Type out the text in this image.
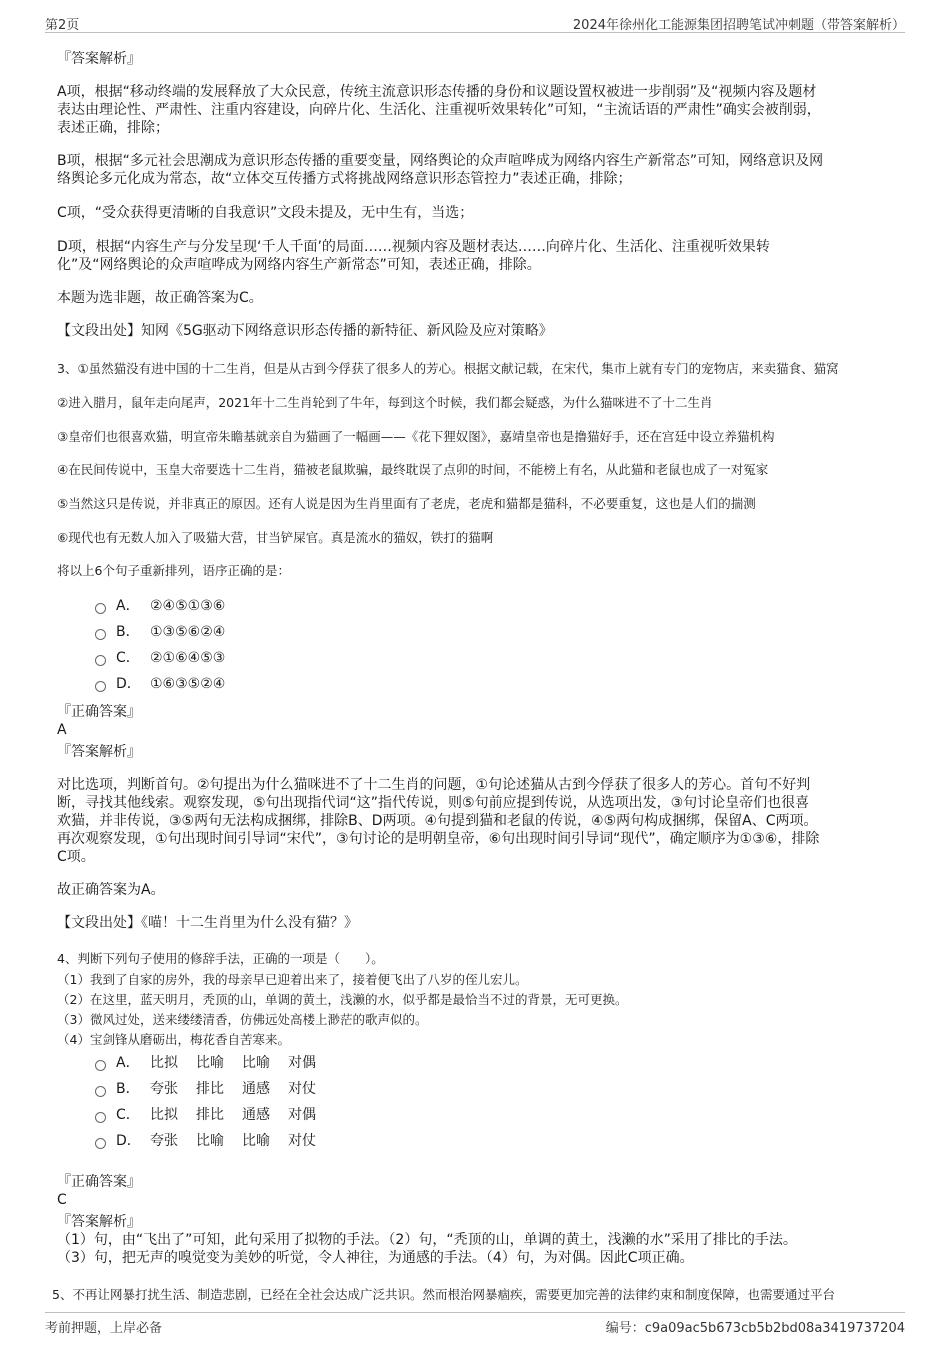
第2页	2024年徐州化工能源集团招聘笔试冲刺题（带答案解析）

『答案解析』

A项，根据“移动终端的发展释放了大众民意，传统主流意识形态传播的身份和议题设置权被进一步削弱”及“视频内容及题材

表达由理论性、严肃性、注重内容建设，向碎片化、生活化、注重视听效果转化”可知，“主流话语的严肃性”确实会被削弱，

表述正确，排除；

B项，根据“多元社会思潮成为意识形态传播的重要变量，网络舆论的众声喧哗成为网络内容生产新常态”可知，网络意识及网

络舆论多元化成为常态，故“立体交互传播方式将挑战网络意识形态管控力”表述正确，排除；

C项，“受众获得更清晰的自我意识”文段未提及，无中生有，当选；

D项，根据“内容生产与分发呈现‘千人千面’的局面……视频内容及题材表达……向碎片化、生活化、注重视听效果转

化”及“网络舆论的众声喧哗成为网络内容生产新常态”可知，表述正确，排除。

本题为选非题，故正确答案为C。

【文段出处】知网《5G驱动下网络意识形态传播的新特征、新风险及应对策略》

3、①虽然猫没有进中国的十二生肖，但是从古到今俘获了很多人的芳心。根据文献记载，在宋代，集市上就有专门的宠物店，来卖猫食、猫窝

②进入腊月，鼠年走向尾声，2021年十二生肖轮到了牛年，每到这个时候，我们都会疑惑，为什么猫咪进不了十二生肖

③皇帝们也很喜欢猫，明宣帝朱瞻基就亲自为猫画了一幅画——《花下狸奴图》，嘉靖皇帝也是撸猫好手，还在宫廷中设立养猫机构

④在民间传说中，玉皇大帝要选十二生肖，猫被老鼠欺骗，最终耽误了点卯的时间，不能榜上有名，从此猫和老鼠也成了一对冤家

⑤当然这只是传说，并非真正的原因。还有人说是因为生肖里面有了老虎，老虎和猫都是猫科，不必要重复，这也是人们的揣测

⑥现代也有无数人加入了吸猫大营，甘当铲屎官。真是流水的猫奴，铁打的猫啊

将以上6个句子重新排列，语序正确的是：

A． ②④⑤①③⑥
B． ①③⑤⑥②④
C． ②①⑥④⑤③
D． ①⑥③⑤②④

『正确答案』

A

『答案解析』

对比选项，判断首句。②句提出为什么猫咪进不了十二生肖的问题，①句论述猫从古到今俘获了很多人的芳心。首句不好判

断，寻找其他线索。观察发现，⑤句出现指代词“这”指代传说，则⑤句前应提到传说，从选项出发，③句讨论皇帝们也很喜

欢猫，并非传说，③⑤两句无法构成捆绑，排除B、D两项。④句提到猫和老鼠的传说，④⑤两句构成捆绑，保留A、C两项。

再次观察发现，①句出现时间引导词“宋代”，③句讨论的是明朝皇帝，⑥句出现时间引导词“现代”，确定顺序为①③⑥，排除

C项。

故正确答案为A。

【文段出处】《喵！十二生肖里为什么没有猫？》

4、判断下列句子使用的修辞手法，正确的一项是（　　）。

（1）我到了自家的房外，我的母亲早已迎着出来了，接着便飞出了八岁的侄儿宏儿。

（2）在这里，蓝天明月，秃顶的山，单调的黄土，浅濑的水，似乎都是最恰当不过的背景，无可更换。

（3）微风过处，送来缕缕清香，仿佛远处高楼上渺茫的歌声似的。

（4）宝剑锋从磨砺出，梅花香自苦寒来。

A． 比拟 比喻 比喻 对偶
B． 夸张 排比 通感 对仗
C． 比拟 排比 通感 对偶
D． 夸张 比喻 比喻 对仗

『正确答案』

C

『答案解析』

（1）句，由“飞出了”可知，此句采用了拟物的手法。（2）句，“秃顶的山，单调的黄土，浅濑的水”采用了排比的手法。

（3）句，把无声的嗅觉变为美妙的听觉，令人神往，为通感的手法。（4）句，为对偶。因此C项正确。

5、不再让网暴打扰生活、制造悲剧，已经在全社会达成广泛共识。然而根治网暴痼疾，需要更加完善的法律约束和制度保障，也需要通过平台

考前押题，上岸必备	编号：c9a09ac5b673cb5b2bd08a3419737204
